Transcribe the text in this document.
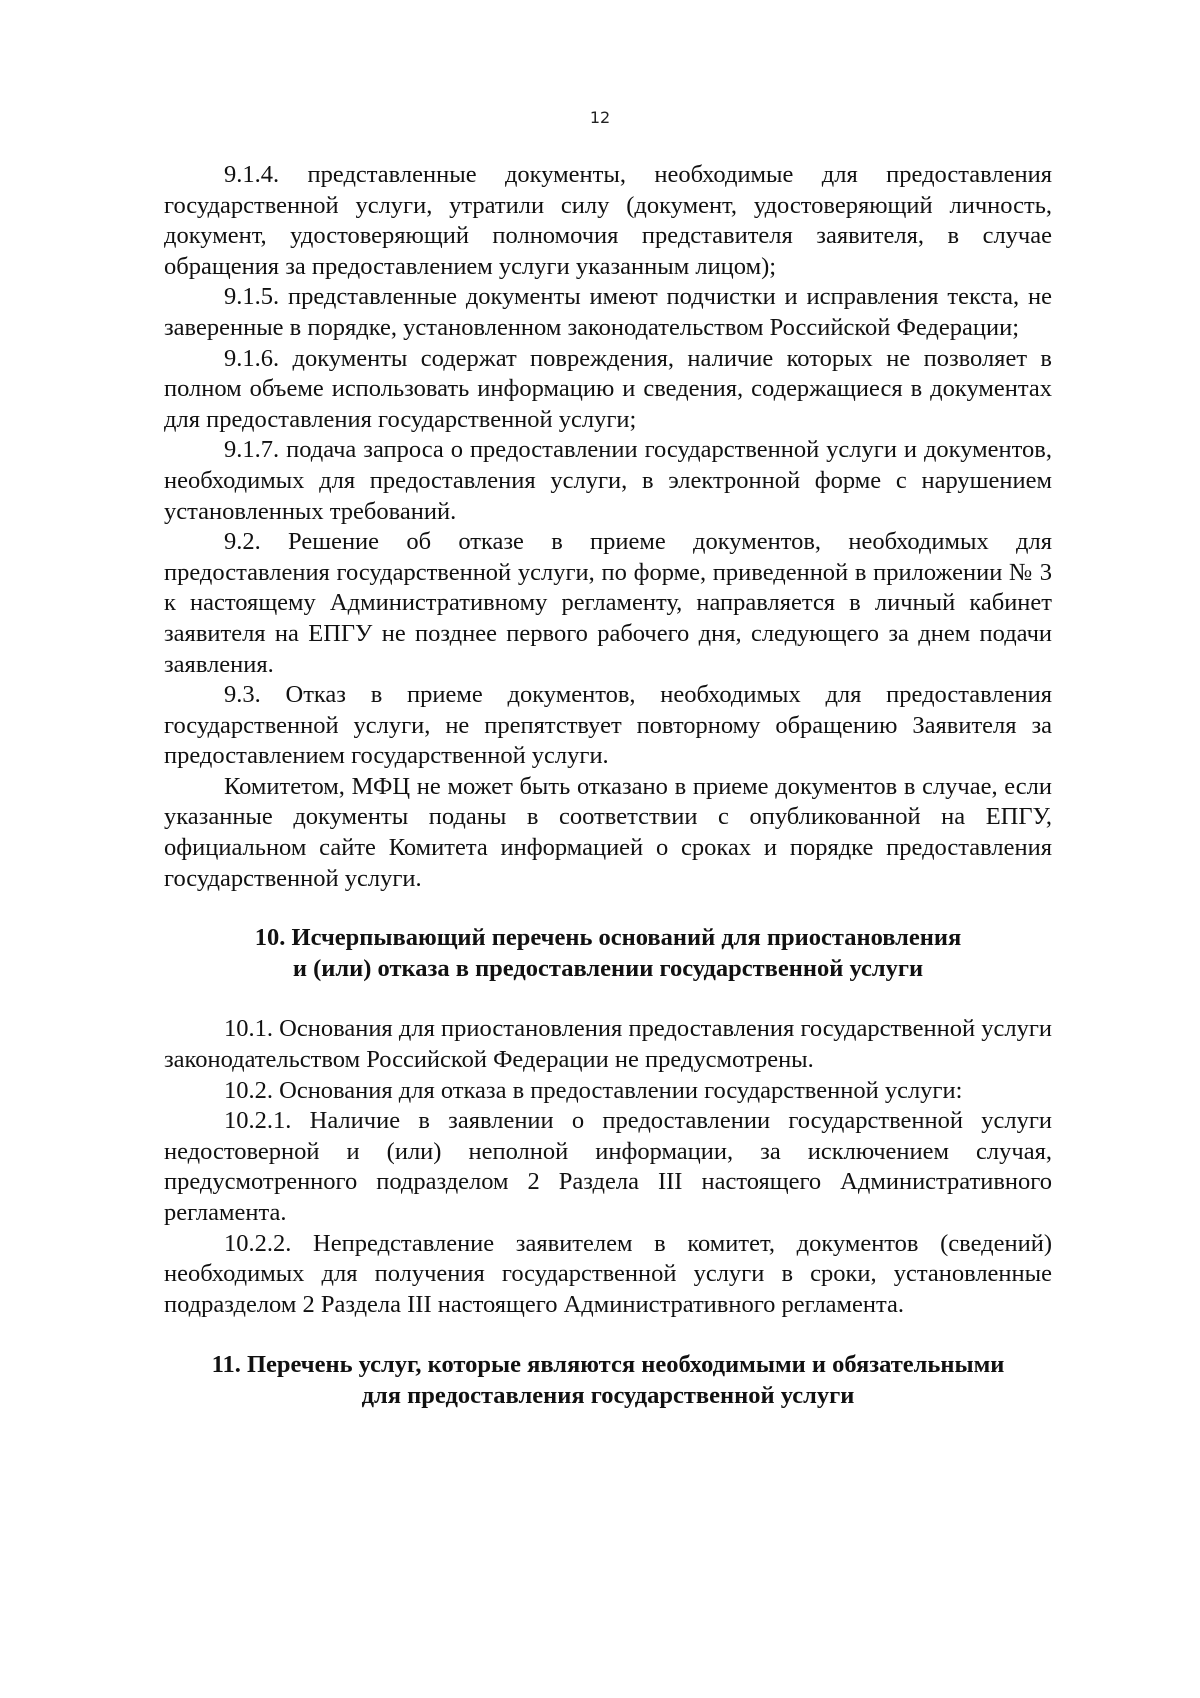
12

9.1.4. представленные документы, необходимые для предоставления государственной услуги, утратили силу (документ, удостоверяющий личность, документ, удостоверяющий полномочия представителя заявителя, в случае обращения за предоставлением услуги указанным лицом);

9.1.5. представленные документы имеют подчистки и исправления текста, не заверенные в порядке, установленном законодательством Российской Федерации;

9.1.6. документы содержат повреждения, наличие которых не позволяет в полном объеме использовать информацию и сведения, содержащиеся в документах для предоставления государственной услуги;

9.1.7. подача запроса о предоставлении государственной услуги и документов, необходимых для предоставления услуги, в электронной форме с нарушением установленных требований.

9.2. Решение об отказе в приеме документов, необходимых для предоставления государственной услуги, по форме, приведенной в приложении № 3 к настоящему Административному регламенту, направляется в личный кабинет заявителя на ЕПГУ не позднее первого рабочего дня, следующего за днем подачи заявления.

9.3. Отказ в приеме документов, необходимых для предоставления государственной услуги, не препятствует повторному обращению Заявителя за предоставлением государственной услуги.

Комитетом, МФЦ не может быть отказано в приеме документов в случае, если указанные документы поданы в соответствии с опубликованной на ЕПГУ, официальном сайте Комитета информацией о сроках и порядке предоставления государственной услуги.

10. Исчерпывающий перечень оснований для приостановления
и (или) отказа в предоставлении государственной услуги

10.1. Основания для приостановления предоставления государственной услуги законодательством Российской Федерации не предусмотрены.

10.2. Основания для отказа в предоставлении государственной услуги:

10.2.1. Наличие в заявлении о предоставлении государственной услуги недостоверной и (или) неполной информации, за исключением случая, предусмотренного подразделом 2 Раздела III настоящего Административного регламента.

10.2.2. Непредставление заявителем в комитет, документов (сведений) необходимых для получения государственной услуги в сроки, установленные подразделом 2 Раздела III настоящего Административного регламента.

11. Перечень услуг, которые являются необходимыми и обязательными
для предоставления государственной услуги
